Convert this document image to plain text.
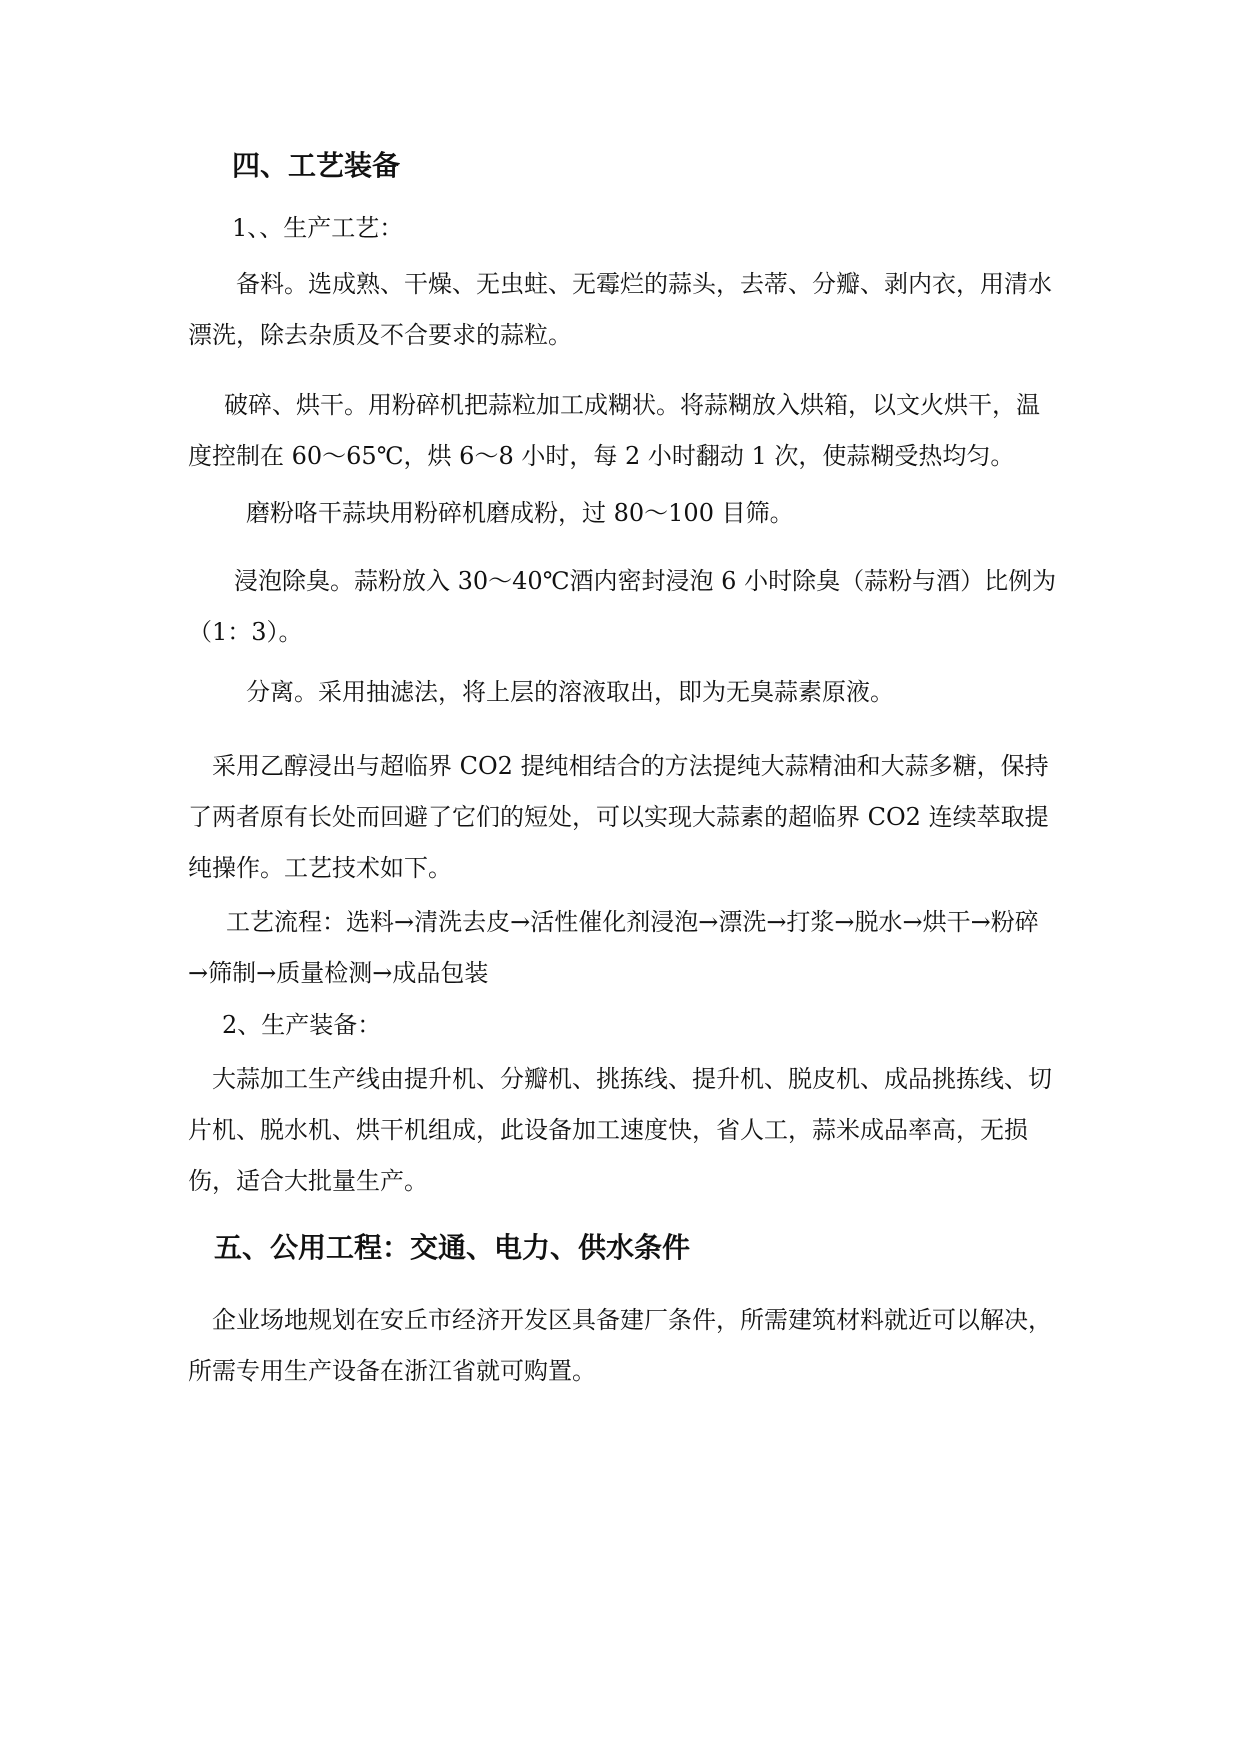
四、工艺装备
1、、生产工艺：
备料。选成熟、干燥、无虫蛀、无霉烂的蒜头，去蒂、分瓣、剥内衣，用清水漂洗，除去杂质及不合要求的蒜粒。
破碎、烘干。用粉碎机把蒜粒加工成糊状。将蒜糊放入烘箱，以文火烘干，温度控制在 60～65℃，烘 6～8 小时，每 2 小时翻动 1 次，使蒜糊受热均匀。
磨粉咯干蒜块用粉碎机磨成粉，过 80～100 目筛。
浸泡除臭。蒜粉放入 30～40℃酒内密封浸泡 6 小时除臭（蒜粉与酒）比例为（1：3）。
分离。采用抽滤法，将上层的溶液取出，即为无臭蒜素原液。
采用乙醇浸出与超临界 CO2 提纯相结合的方法提纯大蒜精油和大蒜多糖，保持了两者原有长处而回避了它们的短处，可以实现大蒜素的超临界 CO2 连续萃取提纯操作。工艺技术如下。
工艺流程：选料→清洗去皮→活性催化剂浸泡→漂洗→打浆→脱水→烘干→粉碎→筛制→质量检测→成品包装
2、生产装备：
大蒜加工生产线由提升机、分瓣机、挑拣线、提升机、脱皮机、成品挑拣线、切片机、脱水机、烘干机组成，此设备加工速度快，省人工，蒜米成品率高，无损伤，适合大批量生产。
五、公用工程：交通、电力、供水条件
企业场地规划在安丘市经济开发区具备建厂条件，所需建筑材料就近可以解决，所需专用生产设备在浙江省就可购置。
